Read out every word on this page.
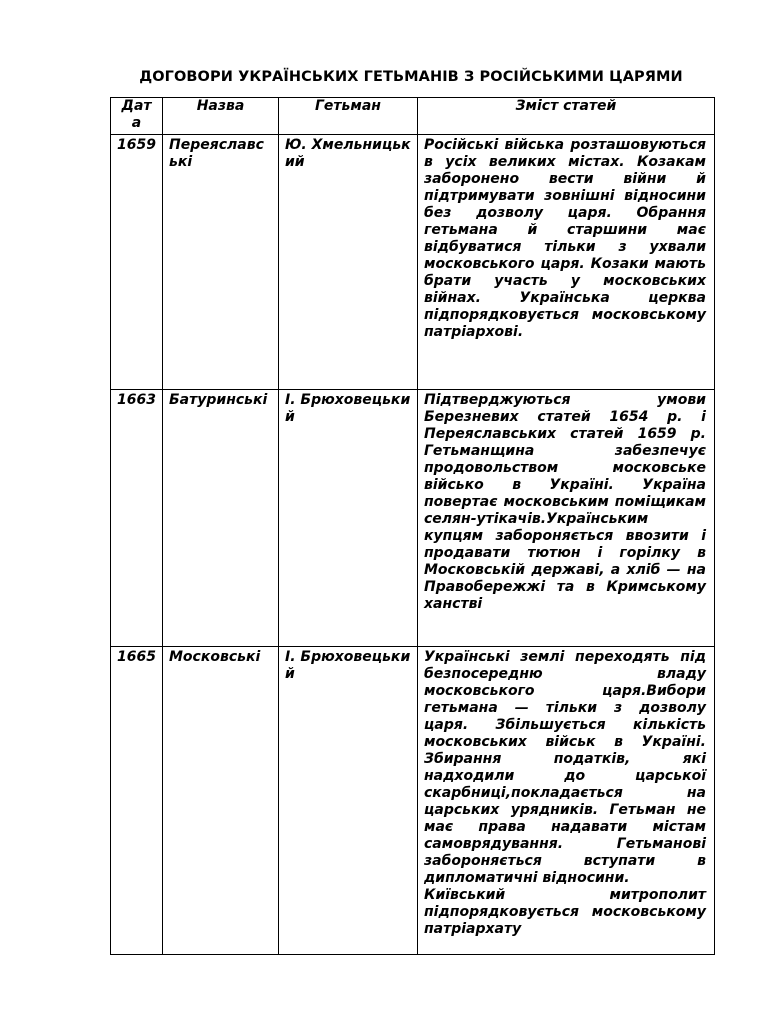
ДОГОВОРИ УКРАЇНСЬКИХ ГЕТЬМАНІВ З РОСІЙСЬКИМИ ЦАРЯМИ
Дата	Назва	Гетьман	Зміст статей
1659	Переяславські	Ю. Хмельницький	Російські війська розташовуються в усіх великих містах. Козакам заборонено вести війни й підтримувати зовнішні відносини без дозволу царя. Обрання гетьмана й старшини має відбуватися тільки з ухвали московського царя. Козаки мають брати участь у московських війнах. Українська церква підпорядковується московському патріархові.

1663	Батуринські	І. Брюховецький	Підтверджуються умови Березневих статей 1654 р. і Переяславських статей 1659 р. Гетьманщина забезпечує продовольством московське військо в Україні. Україна повертає московським поміщикам селян-утікачів.Українським купцям забороняється ввозити і продавати тютюн і горілку в Московській державі, а хліб — на Правобережжі та в Кримському ханстві

1665	Московські	І. Брюховецький	Українські землі переходять під безпосередню владу московського царя.Вибори гетьмана — тільки з дозволу царя. Збільшується кількість московських військ в Україні. Збирання податків, які надходили до царської скарбниці,покладається на царських урядників. Гетьман не має права надавати містам самоврядування. Гетьманові забороняється вступати в дипломатичні відносини.
Київський митрополит підпорядковується московському патріархату
